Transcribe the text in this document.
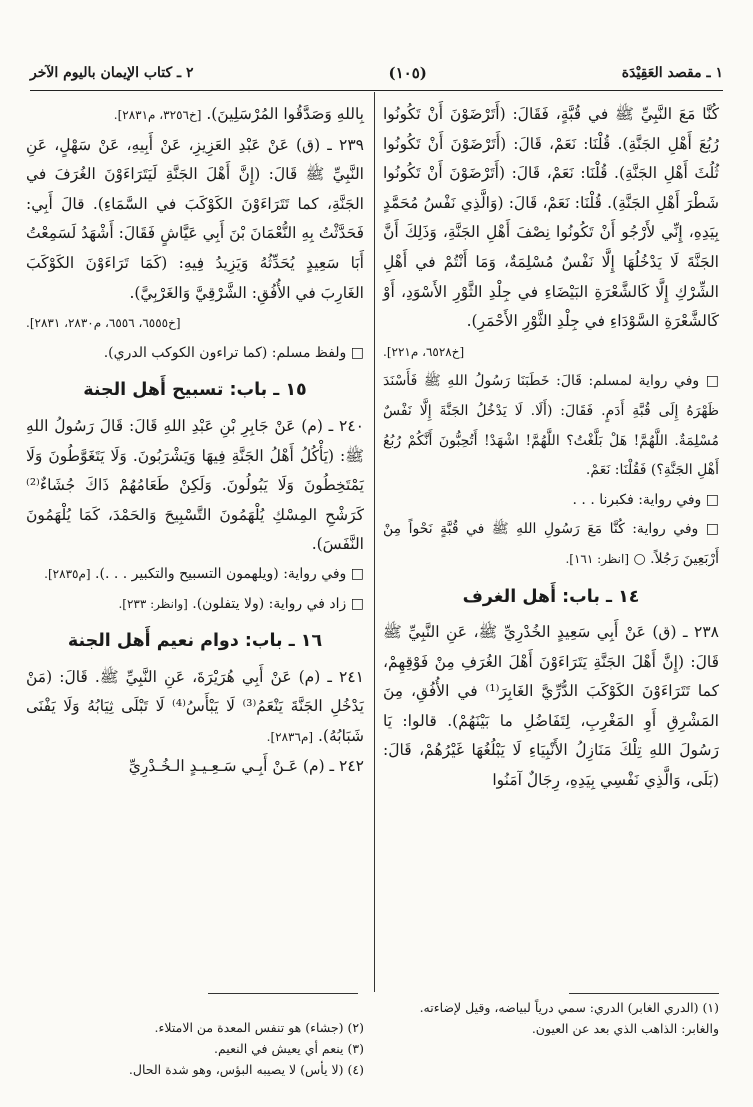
١ ـ مقصد العَقِيْدَة
(١٠٥)
٢ ـ كتاب الإيمان باليوم الآخر

كُنَّا مَعَ النَّبِيِّ ﷺ في قُبَّةٍ، فَقَالَ: (أَتَرْضَوْنَ أَنْ تَكُونُوا رُبُعَ أَهْلِ الجَنَّةِ). قُلْنَا: نَعَمْ، قَالَ: (أَتَرْضَوْنَ أَنْ تَكُونُوا ثُلُثَ أَهْلِ الجَنَّةِ). قُلْنَا: نَعَمْ، قَالَ: (أَتَرْضَوْنَ أَنْ تَكُونُوا شَطْرَ أَهْلِ الجَنَّةِ). قُلْنَا: نَعَمْ، قَالَ: (وَالَّذِي نَفْسُ مُحَمَّدٍ بِيَدِهِ، إِنِّي لأَرْجُو أَنْ تَكُونُوا نِصْفَ أَهْلِ الجَنَّةِ، وَذَلِكَ أَنَّ الجَنَّةَ لَا يَدْخُلُهَا إِلَّا نَفْسٌ مُسْلِمَةٌ، وَمَا أَنْتُمْ في أَهْلِ الشِّرْكِ إِلَّا كَالشَّعْرَةِ البَيْضَاءِ في جِلْدِ الثَّوْرِ الأَسْوَدِ، أَوْ كَالشَّعْرَةِ السَّوْدَاءِ في جِلْدِ الثَّوْرِ الأَحْمَرِ).

[خ٦٥٢٨، م٢٢١].

□ وفي رواية لمسلم: قَالَ: خَطَبَنَا رَسُولُ اللهِ ﷺ فَأَسْنَدَ ظَهْرَهُ إِلَى قُبَّةِ أَدَمٍ. فَقَالَ: (أَلَا. لَا يَدْخُلُ الجَنَّةَ إِلَّا نَفْسٌ مُسْلِمَةٌ. اللَّهُمَّ! هَلْ بَلَّغْتُ؟ اللَّهُمَّ! اشْهَدْ! أَتُحِبُّونَ أَنَّكُمْ رُبُعُ أَهْلِ الجَنَّةِ؟) فَقُلْنَا: نَعَمْ.

□ وفي رواية: فكبرنا . . .

□ وفي رواية: كُنَّا مَعَ رَسُولِ اللهِ ﷺ في قُبَّةٍ نَحْواً مِنْ أَرْبَعِينَ رَجُلاً. ○ [انظر: ١٦١].

١٤ ـ باب: أَهل الغرف

٢٣٨ ـ (ق) عَنْ أَبِي سَعِيدٍ الخُدْرِيِّ ﷺ، عَنِ النَّبِيِّ ﷺ قَالَ: (إِنَّ أَهْلَ الجَنَّةِ يَتَرَاءَوْنَ أَهْلَ الغُرَفِ مِنْ فَوْقِهِمْ، كما تَتَرَاءَوْنَ الكَوْكَبَ الدُّرِّيَّ الغَابِرَ⁽¹⁾ في الأُفُقِ، مِنَ المَشْرِقِ أَوِ المَغْرِبِ، لِتَفَاضُلِ ما بَيْنَهُمْ). قالوا: يَا رَسُولَ اللهِ تِلْكَ مَنَازِلُ الأَنْبِيَاءِ لَا يَبْلُغُهَا غَيْرُهُمْ، قَالَ: (بَلَى، وَالَّذِي نَفْسِي بِيَدِهِ، رِجَالٌ آمَنُوا

بِاللهِ وَصَدَّقُوا المُرْسَلِينَ). [خ٣٢٥٦، م٢٨٣١].

٢٣٩ ـ (ق) عَنْ عَبْدِ العَزِيزِ، عَنْ أَبِيهِ، عَنْ سَهْلٍ، عَنِ النَّبِيِّ ﷺ قَالَ: (إِنَّ أَهْلَ الجَنَّةِ لَيَتَرَاءَوْنَ الغُرَفَ في الجَنَّةِ، كما تَتَرَاءَوْنَ الكَوْكَبَ في السَّمَاءِ). قالَ أَبِي: فَحَدَّثْتُ بِهِ النُّعْمَانَ بْنَ أَبِي عَيَّاشٍ فَقَالَ: أَشْهَدُ لَسَمِعْتُ أَبَا سَعِيدٍ يُحَدِّثُهُ وَيَزِيدُ فِيهِ: (كَمَا تَرَاءَوْنَ الكَوْكَبَ الغَارِبَ في الأُفُقِ: الشَّرْقِيَّ وَالغَرْبِيَّ).

[خ٦٥٥٥، ٦٥٥٦، م٢٨٣٠، ٢٨٣١].

□ ولفظ مسلم: (كما تراءون الكوكب الدري).

١٥ ـ باب: تسبيح أَهل الجنة

٢٤٠ ـ (م) عَنْ جَابِرِ بْنِ عَبْدِ اللهِ قَالَ: قَالَ رَسُولُ اللهِ ﷺ: (يَأْكُلُ أَهْلُ الجَنَّةِ فِيهَا وَيَشْرَبُونَ. وَلَا يَتَغَوَّطُونَ وَلَا يَمْتَخِطُونَ وَلَا يَبُولُونَ. وَلَكِنْ طَعَامُهُمْ ذَاكَ جُشَاءٌ⁽²⁾ كَرَشْحِ المِسْكِ يُلْهَمُونَ التَّسْبِيحَ وَالحَمْدَ، كَمَا يُلْهَمُونَ النَّفَسَ).

□ وفي رواية: (ويلهمون التسبيح والتكبير . . .). [م٢٨٣٥].

□ زاد في رواية: (ولا يتفلون). [وانظر: ٢٣٣].

١٦ ـ باب: دوام نعيم أَهل الجنة

٢٤١ ـ (م) عَنْ أَبِي هُرَيْرَةَ، عَنِ النَّبِيِّ ﷺ. قَالَ: (مَنْ يَدْخُلِ الجَنَّةَ يَنْعَمُ⁽³⁾ لَا يَبْأَسُ⁽⁴⁾ لَا تَبْلَى ثِيَابُهُ وَلَا يَفْنَى شَبَابُهُ). [م٢٨٣٦].

٢٤٢ ـ (م) عَـنْ أَبِـي سَـعِـيـدٍ الـخُـدْرِيِّ

(١) (الدري الغابر) الدري: سمي درياً لبياضه، وقيل لإضاءته. والغابر: الذاهب الذي بعد عن العيون.

(٢) (جشاء) هو تنفس المعدة من الامتلاء.

(٣) ينعم أي يعيش في النعيم.

(٤) (لا يأس) لا يصيبه البؤس، وهو شدة الحال.
